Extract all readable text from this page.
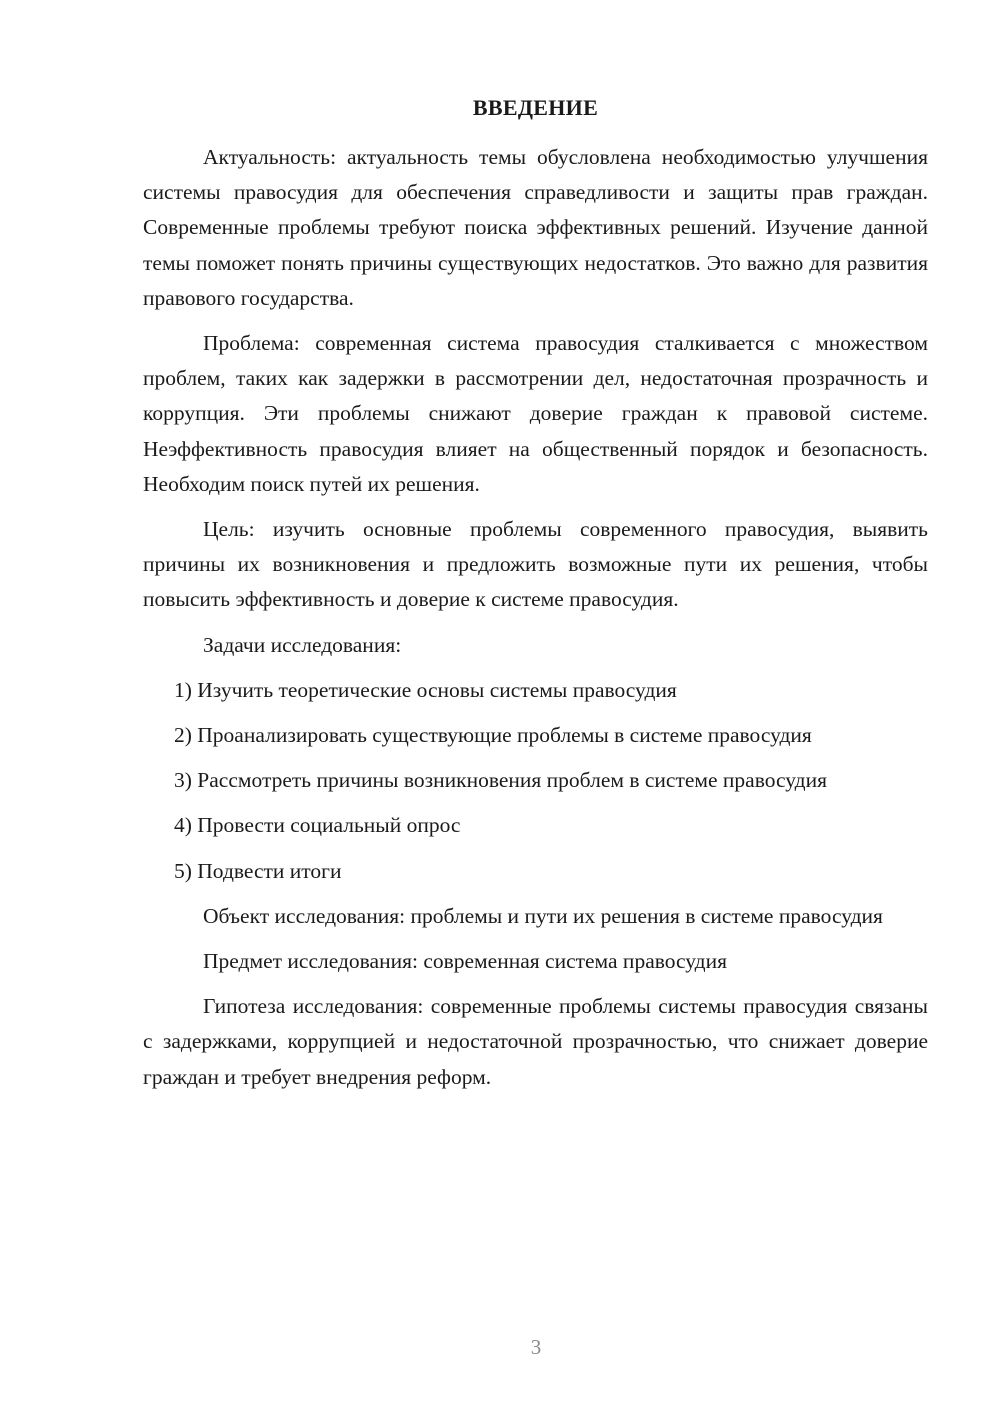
ВВЕДЕНИЕ

Актуальность: актуальность темы обусловлена необходимостью улучшения системы правосудия для обеспечения справедливости и защиты прав граждан. Современные проблемы требуют поиска эффективных решений. Изучение данной темы поможет понять причины существующих недостатков. Это важно для развития правового государства.

Проблема: современная система правосудия сталкивается с множеством проблем, таких как задержки в рассмотрении дел, недостаточная прозрачность и коррупция. Эти проблемы снижают доверие граждан к правовой системе. Неэффективность правосудия влияет на общественный порядок и безопасность. Необходим поиск путей их решения.

Цель: изучить основные проблемы современного правосудия, выявить причины их возникновения и предложить возможные пути их решения, чтобы повысить эффективность и доверие к системе правосудия.

Задачи исследования:

1) Изучить теоретические основы системы правосудия
2) Проанализировать существующие проблемы в системе правосудия
3) Рассмотреть причины возникновения проблем в системе правосудия
4) Провести социальный опрос
5) Подвести итоги

Объект исследования: проблемы и пути их решения в системе правосудия

Предмет исследования: современная система правосудия

Гипотеза исследования: современные проблемы системы правосудия связаны с задержками, коррупцией и недостаточной прозрачностью, что снижает доверие граждан и требует внедрения реформ.

3
